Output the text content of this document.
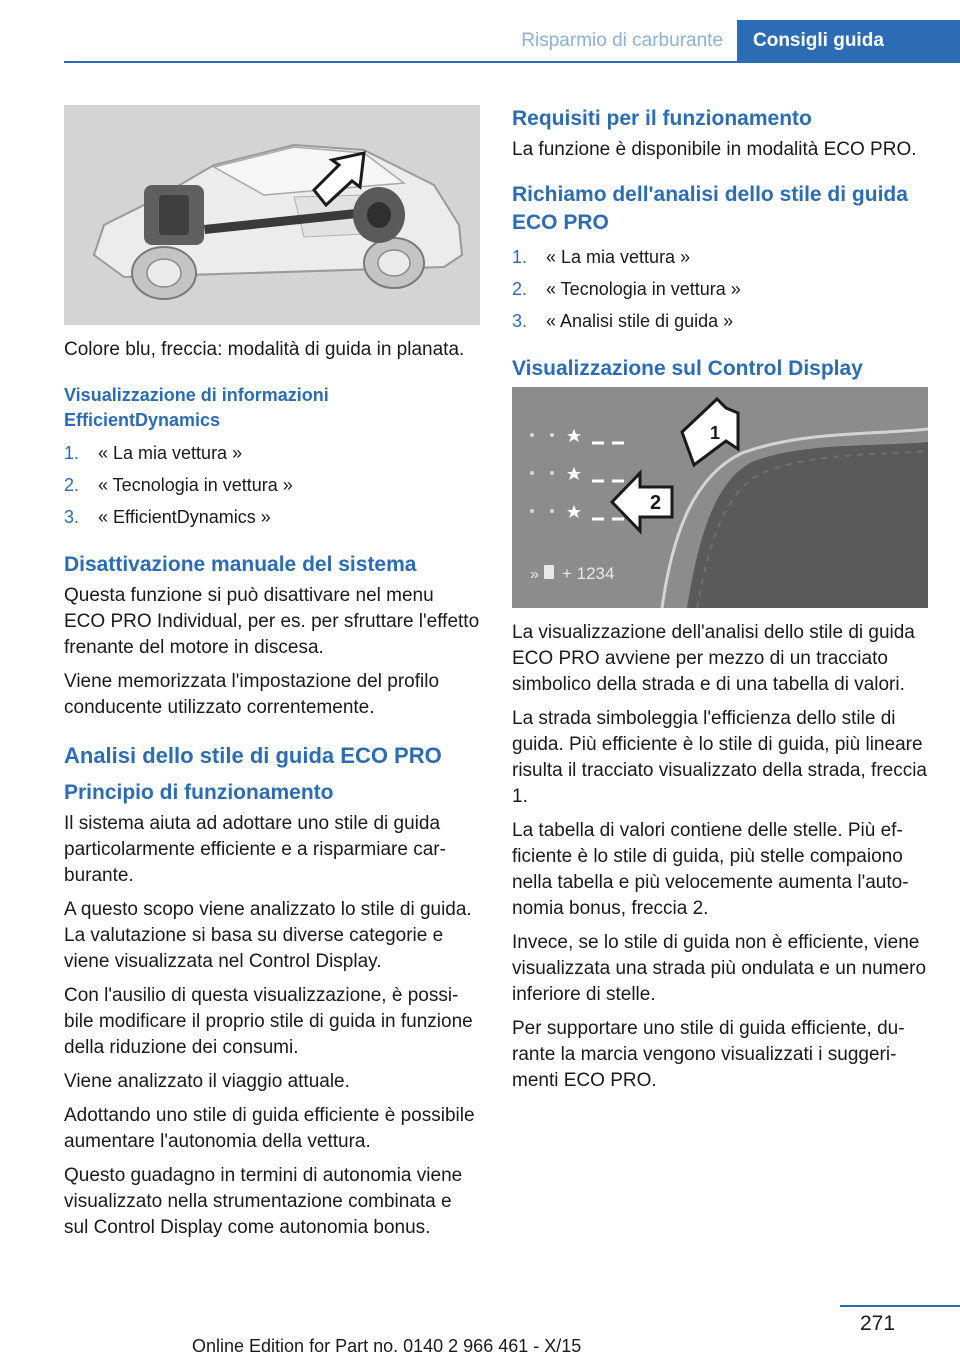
Risparmio di carburante	Consigli guida

Colore blu, freccia: modalità di guida in planata.

Visualizzazione di informazioni EfficientDynamics
1. « La mia vettura »
2. « Tecnologia in vettura »
3. « EfficientDynamics »
Disattivazione manuale del sistema

Questa funzione si può disattivare nel menu ECO PRO Individual, per es. per sfruttare l'effetto frenante del motore in discesa.

Viene memorizzata l'impostazione del profilo conducente utilizzato correntemente.

Analisi dello stile di guida ECO PRO
Principio di funzionamento

Il sistema aiuta ad adottare uno stile di guida particolarmente efficiente e a risparmiare carburante.

A questo scopo viene analizzato lo stile di guida. La valutazione si basa su diverse categorie e viene visualizzata nel Control Display.

Con l'ausilio di questa visualizzazione, è possibile modificare il proprio stile di guida in funzione della riduzione dei consumi.

Viene analizzato il viaggio attuale.

Adottando uno stile di guida efficiente è possibile aumentare l'autonomia della vettura.

Questo guadagno in termini di autonomia viene visualizzato nella strumentazione combinata e sul Control Display come autonomia bonus.

Requisiti per il funzionamento

La funzione è disponibile in modalità ECO PRO.

Richiamo dell'analisi dello stile di guida ECO PRO
1. « La mia vettura »
2. « Tecnologia in vettura »
3. « Analisi stile di guida »
Visualizzazione sul Control Display
2
1
» + 1234

La visualizzazione dell'analisi dello stile di guida ECO PRO avviene per mezzo di un tracciato simbolico della strada e di una tabella di valori.

La strada simboleggia l'efficienza dello stile di guida. Più efficiente è lo stile di guida, più lineare risulta il tracciato visualizzato della strada, freccia 1.

La tabella di valori contiene delle stelle. Più efficiente è lo stile di guida, più stelle compaiono nella tabella e più velocemente aumenta l'autonomia bonus, freccia 2.

Invece, se lo stile di guida non è efficiente, viene visualizzata una strada più ondulata e un numero inferiore di stelle.

Per supportare uno stile di guida efficiente, durante la marcia vengono visualizzati i suggerimenti ECO PRO.

271
Online Edition for Part no. 0140 2 966 461 - X/15
